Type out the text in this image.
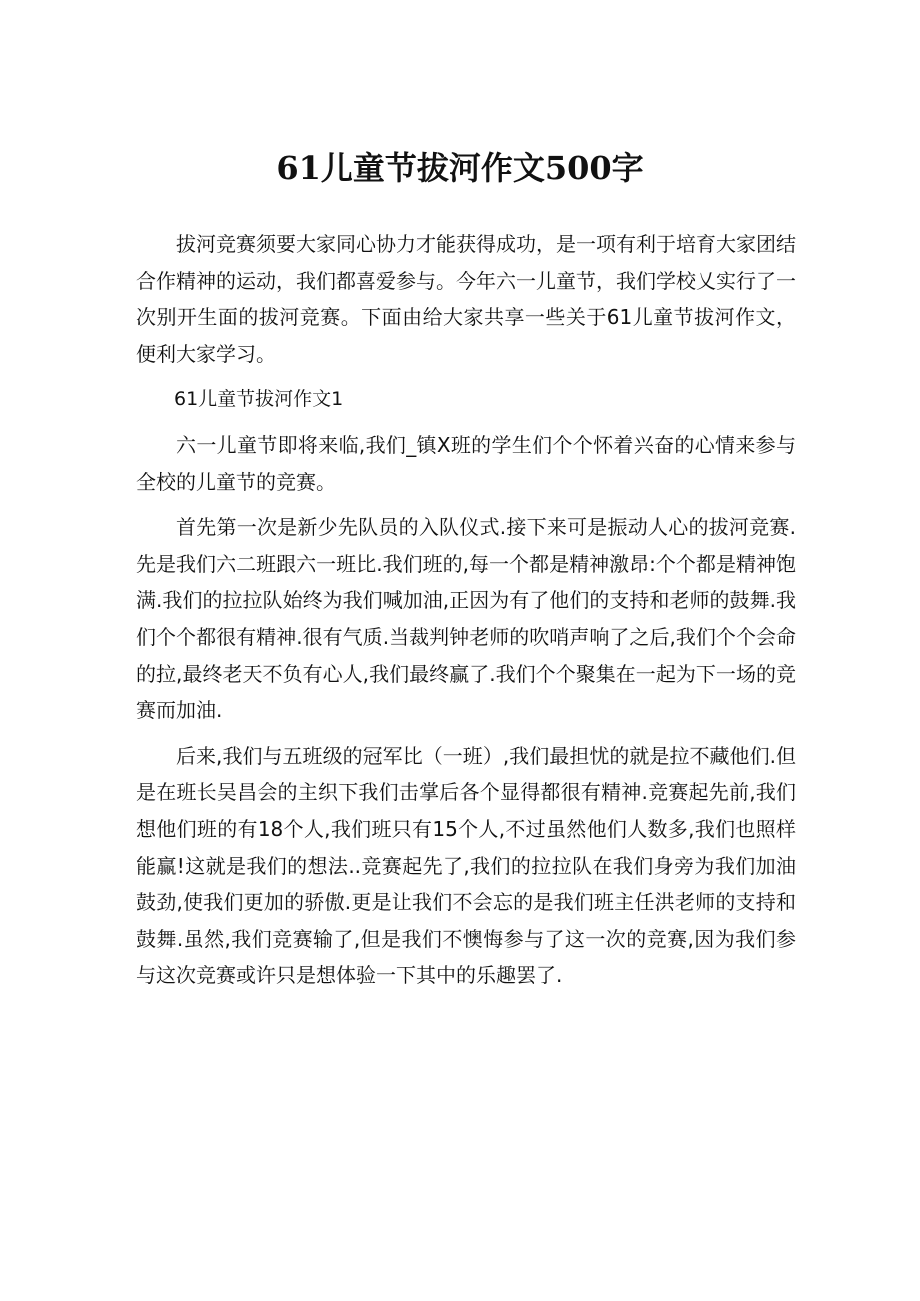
61儿童节拔河作文500字

拔河竞赛须要大家同心协力才能获得成功，是一项有利于培育大家团结合作精神的运动，我们都喜爱参与。今年六一儿童节，我们学校乂实行了一次别开生面的拔河竞赛。下面由给大家共享一些关于61儿童节拔河作文，便利大家学习。

61儿童节拔河作文1

六一儿童节即将来临,我们_镇X班的学生们个个怀着兴奋的心情来参与全校的儿童节的竞赛。

首先第一次是新少先队员的入队仪式.接下来可是振动人心的拔河竞赛.先是我们六二班跟六一班比.我们班的,每一个都是精神激昂:个个都是精神饱满.我们的拉拉队始终为我们喊加油,正因为有了他们的支持和老师的鼓舞.我们个个都很有精神.很有气质.当裁判钟老师的吹哨声响了之后,我们个个会命的拉,最终老天不负有心人,我们最终赢了.我们个个聚集在一起为下一场的竞赛而加油.

后来,我们与五班级的冠军比（一班）,我们最担忧的就是拉不藏他们.但是在班长吴昌会的主织下我们击掌后各个显得都很有精神.竞赛起先前,我们想他们班的有18个人,我们班只有15个人,不过虽然他们人数多,我们也照样能赢!这就是我们的想法..竞赛起先了,我们的拉拉队在我们身旁为我们加油鼓劲,使我们更加的骄傲.更是让我们不会忘的是我们班主任洪老师的支持和鼓舞.虽然,我们竞赛输了,但是我们不懊悔参与了这一次的竞赛,因为我们参与这次竞赛或许只是想体验一下其中的乐趣罢了.
